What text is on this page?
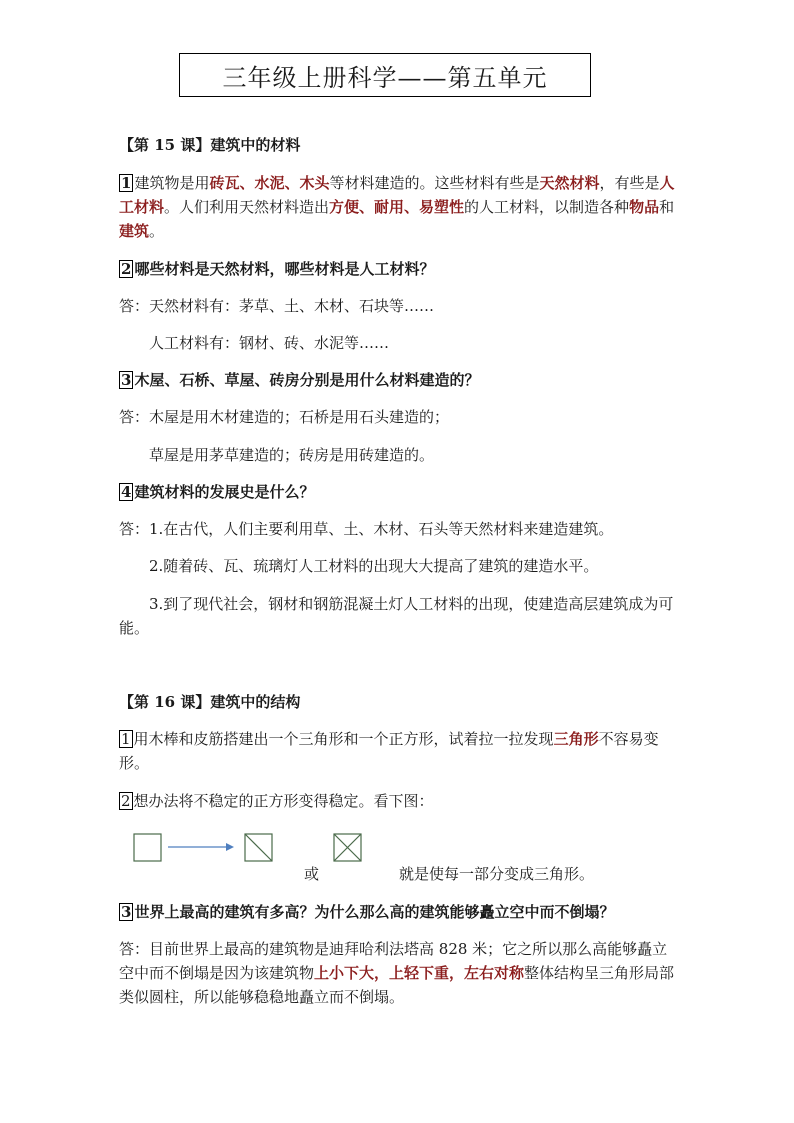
三年级上册科学——第五单元

【第 15 课】建筑中的材料

1 建筑物是用砖瓦、水泥、木头等材料建造的。这些材料有些是天然材料，有些是人工材料。人们利用天然材料造出方便、耐用、易塑性的人工材料，以制造各种物品和建筑。

2 哪些材料是天然材料，哪些材料是人工材料？

答：天然材料有：茅草、土、木材、石块等……

人工材料有：钢材、砖、水泥等……

3 木屋、石桥、草屋、砖房分别是用什么材料建造的？

答：木屋是用木材建造的；石桥是用石头建造的；

草屋是用茅草建造的；砖房是用砖建造的。

4 建筑材料的发展史是什么？

答：1.在古代，人们主要利用草、土、木材、石头等天然材料来建造建筑。

2.随着砖、瓦、琉璃灯人工材料的出现大大提高了建筑的建造水平。

3.到了现代社会，钢材和钢筋混凝土灯人工材料的出现，使建造高层建筑成为可能。

【第 16 课】建筑中的结构

1 用木棒和皮筋搭建出一个三角形和一个正方形，试着拉一拉发现三角形不容易变形。

2 想办法将不稳定的正方形变得稳定。看下图：

或	就是使每一部分变成三角形。

3 世界上最高的建筑有多高？为什么那么高的建筑能够矗立空中而不倒塌？

答：目前世界上最高的建筑物是迪拜哈利法塔高 828 米；它之所以那么高能够矗立空中而不倒塌是因为该建筑物上小下大，上轻下重，左右对称整体结构呈三角形局部类似圆柱，所以能够稳稳地矗立而不倒塌。
